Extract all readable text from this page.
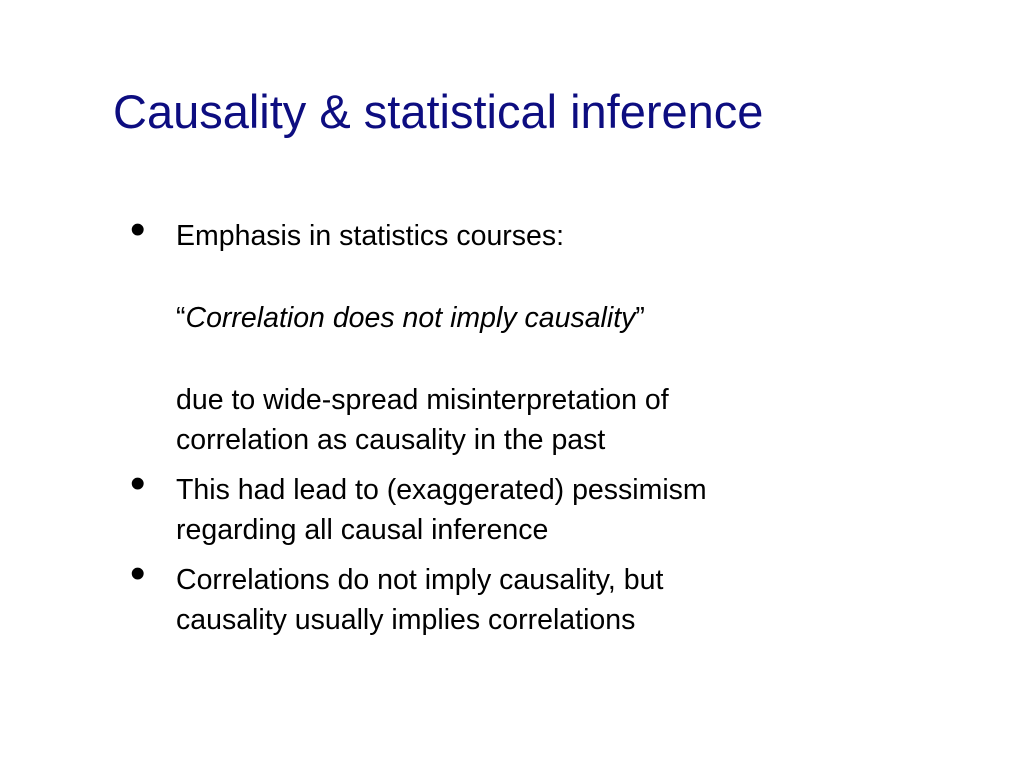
Causality & statistical inference
• Emphasis in statistics courses:
“Correlation does not imply causality”
due to wide-spread misinterpretation of
correlation as causality in the past
• This had lead to (exaggerated) pessimism
regarding all causal inference
• Correlations do not imply causality, but
causality usually implies correlations
